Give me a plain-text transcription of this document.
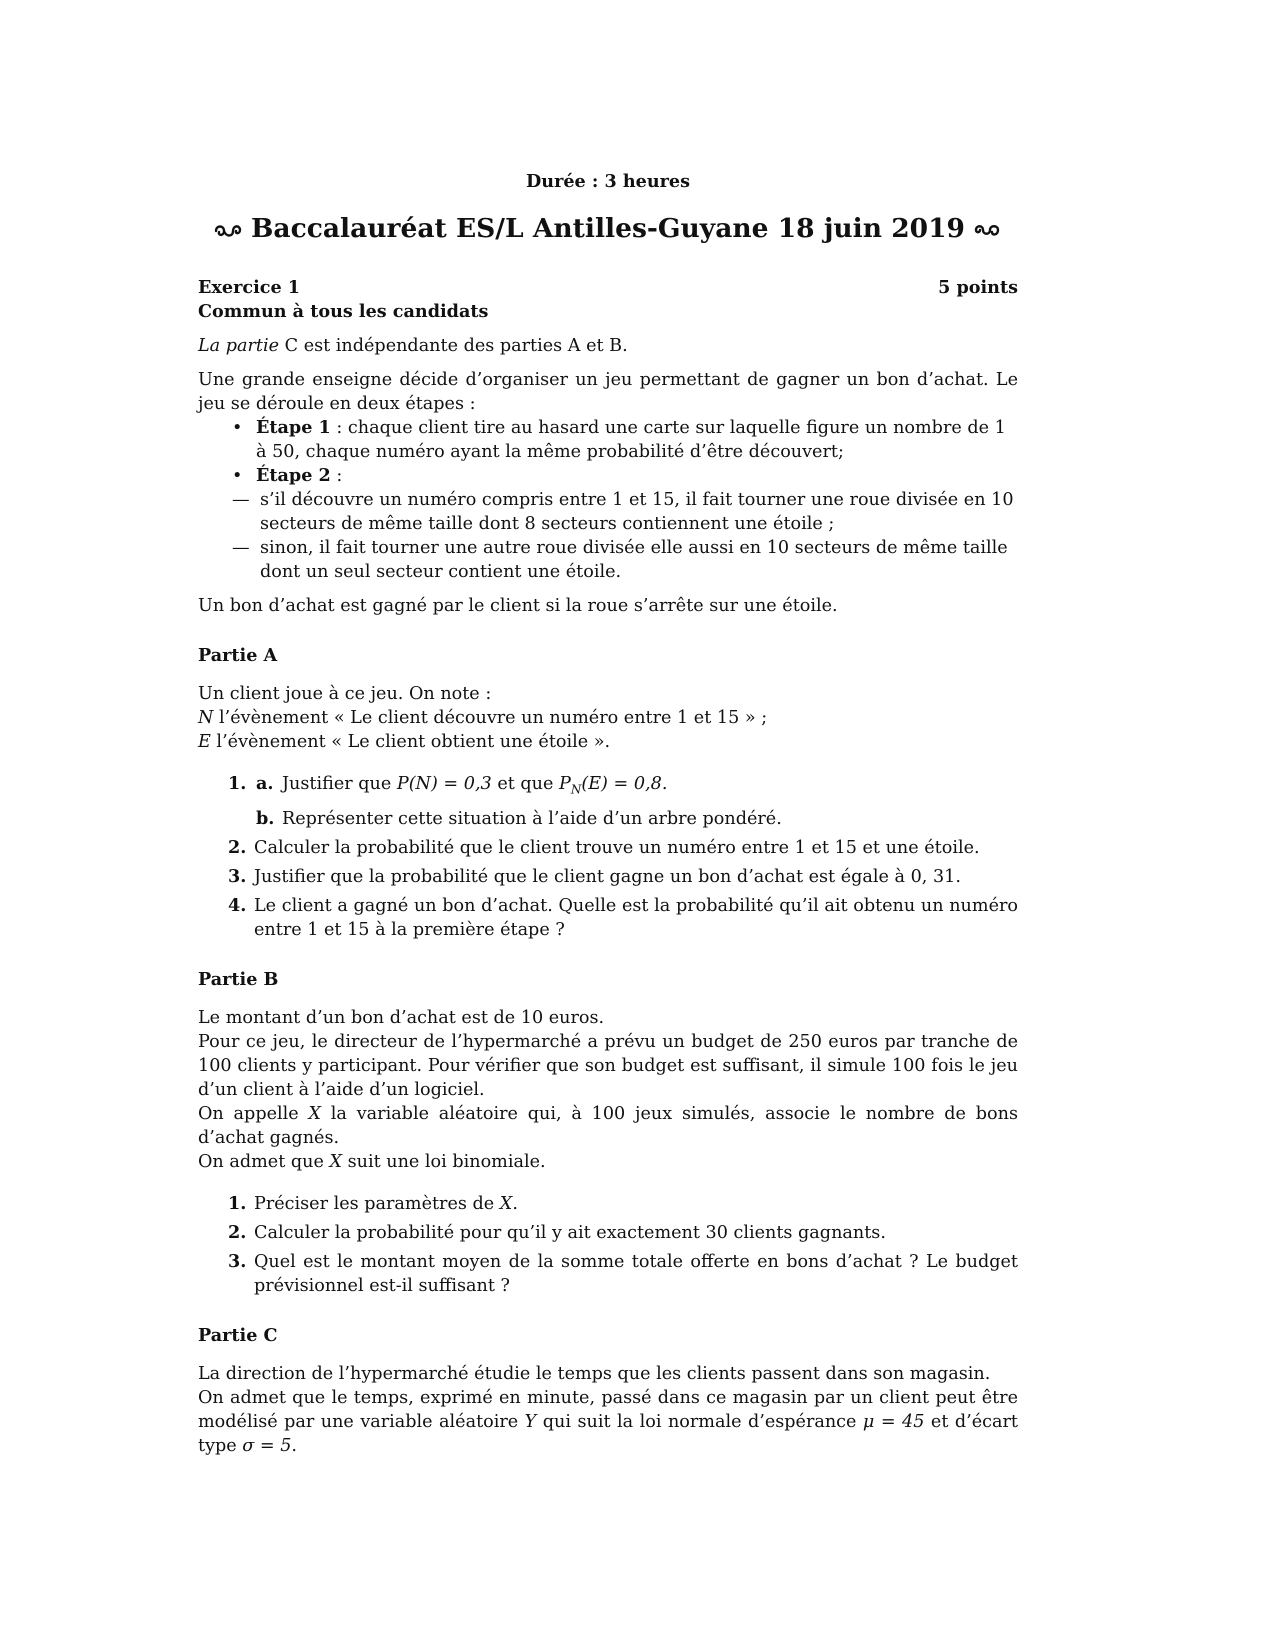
Durée : 3 heures
Baccalauréat ES/L Antilles-Guyane 18 juin 2019
Exercice 1	5 points
Commun à tous les candidats

La partie C est indépendante des parties A et B.

Une grande enseigne décide d’organiser un jeu permettant de gagner un bon d’achat. Le jeu se déroule en deux étapes :

• Étape 1 : chaque client tire au hasard une carte sur laquelle figure un nombre de 1 à 50, chaque numéro ayant la même probabilité d’être découvert;
• Étape 2 :
— s’il découvre un numéro compris entre 1 et 15, il fait tourner une roue divisée en 10 secteurs de même taille dont 8 secteurs contiennent une étoile ;
— sinon, il fait tourner une autre roue divisée elle aussi en 10 secteurs de même taille dont un seul secteur contient une étoile.

Un bon d’achat est gagné par le client si la roue s’arrête sur une étoile.

Partie A

Un client joue à ce jeu. On note :

N l’évènement « Le client découvre un numéro entre 1 et 15 » ;

E l’évènement « Le client obtient une étoile ».

1. a. Justifier que P(N) = 0,3 et que $P_N(E) = 0,8$.
b. Représenter cette situation à l’aide d’un arbre pondéré.
2. Calculer la probabilité que le client trouve un numéro entre 1 et 15 et une étoile.
3. Justifier que la probabilité que le client gagne un bon d’achat est égale à 0, 31.
4. Le client a gagné un bon d’achat. Quelle est la probabilité qu’il ait obtenu un numéro entre 1 et 15 à la première étape ?
Partie B

Le montant d’un bon d’achat est de 10 euros.

Pour ce jeu, le directeur de l’hypermarché a prévu un budget de 250 euros par tranche de 100 clients y participant. Pour vérifier que son budget est suffisant, il simule 100 fois le jeu d’un client à l’aide d’un logiciel.

On appelle X la variable aléatoire qui, à 100 jeux simulés, associe le nombre de bons d’achat gagnés.

On admet que X suit une loi binomiale.

1. Préciser les paramètres de X.
2. Calculer la probabilité pour qu’il y ait exactement 30 clients gagnants.
3. Quel est le montant moyen de la somme totale offerte en bons d’achat ? Le budget prévisionnel est-il suffisant ?
Partie C

La direction de l’hypermarché étudie le temps que les clients passent dans son magasin.

On admet que le temps, exprimé en minute, passé dans ce magasin par un client peut être modélisé par une variable aléatoire Y qui suit la loi normale d’espérance μ = 45 et d’écart type σ = 5.
